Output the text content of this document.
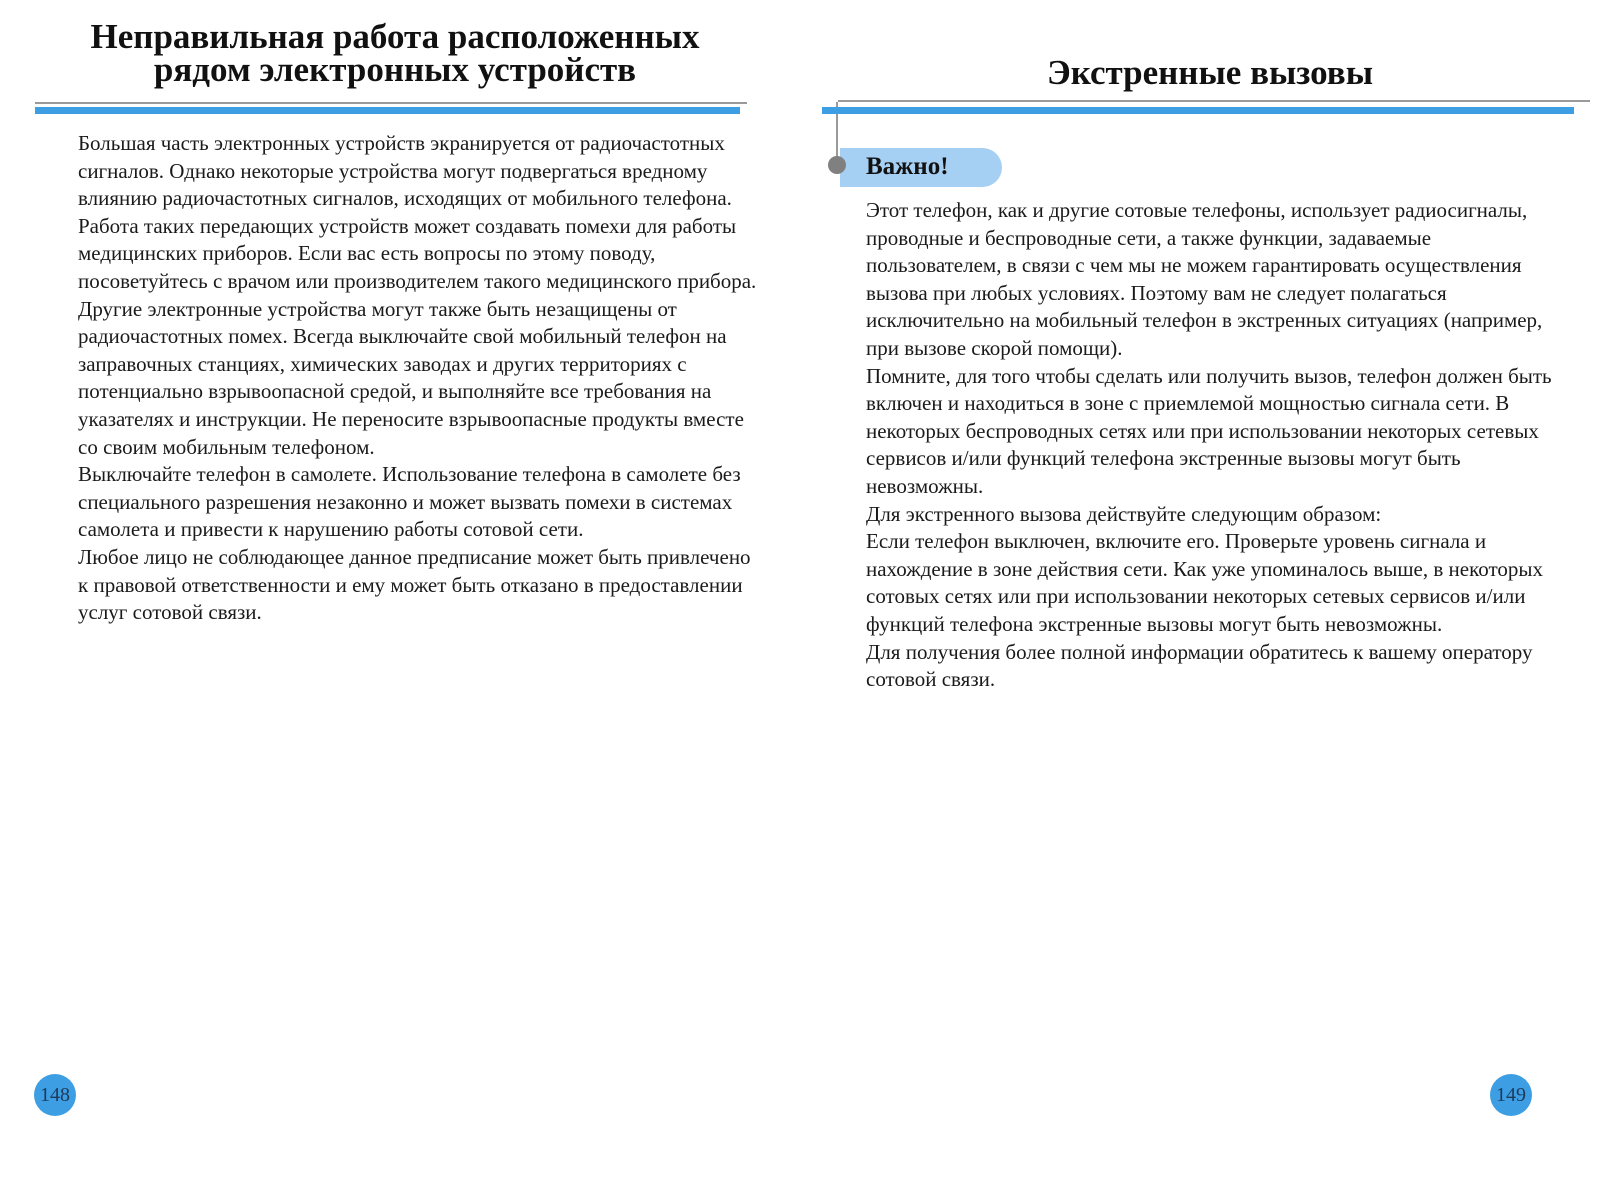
Неправильная работа расположенных
рядом электронных устройств

Большая часть электронных устройств экранируется от радиочастотных сигналов. Однако некоторые устройства могут подвергаться вредному влиянию радиочастотных сигналов, исходящих от мобильного телефона.

Работа таких передающих устройств может создавать помехи для работы медицинских приборов. Если вас есть вопросы по этому поводу, посоветуйтесь с врачом или производителем такого медицинского прибора.

Другие электронные устройства могут также быть незащищены от радиочастотных помех. Всегда выключайте свой мобильный телефон на заправочных станциях, химических заводах и других территориях с потенциально взрывоопасной средой, и выполняйте все требования на указателях и инструкции. Не переносите взрывоопасные продукты вместе со своим мобильным телефоном.

Выключайте телефон в самолете. Использование телефона в самолете без специального разрешения незаконно и может вызвать помехи в системах самолета и привести к нарушению работы сотовой сети.

Любое лицо не соблюдающее данное предписание может быть привлечено к правовой ответственности и ему может быть отказано в предоставлении услуг сотовой связи.

148
Экстренные вызовы
Важно!

Этот телефон, как и другие сотовые телефоны, использует радиосигналы, проводные и беспроводные сети, а также функции, задаваемые пользователем, в связи с чем мы не можем гарантировать осуществления вызова при любых условиях. Поэтому вам не следует полагаться исключительно на мобильный телефон в экстренных ситуациях (например, при вызове скорой помощи).

Помните, для того чтобы сделать или получить вызов, телефон должен быть включен и находиться в зоне с приемлемой мощностью сигнала сети. В некоторых беспроводных сетях или при использовании некоторых сетевых сервисов и/или функций телефона экстренные вызовы могут быть невозможны.

Для экстренного вызова действуйте следующим образом:

Если телефон выключен, включите его. Проверьте уровень сигнала и нахождение в зоне действия сети. Как уже упоминалось выше, в некоторых сотовых сетях или при использовании некоторых сетевых сервисов и/или функций телефона экстренные вызовы могут быть невозможны.

Для получения более полной информации обратитесь к вашему оператору сотовой связи.

149
